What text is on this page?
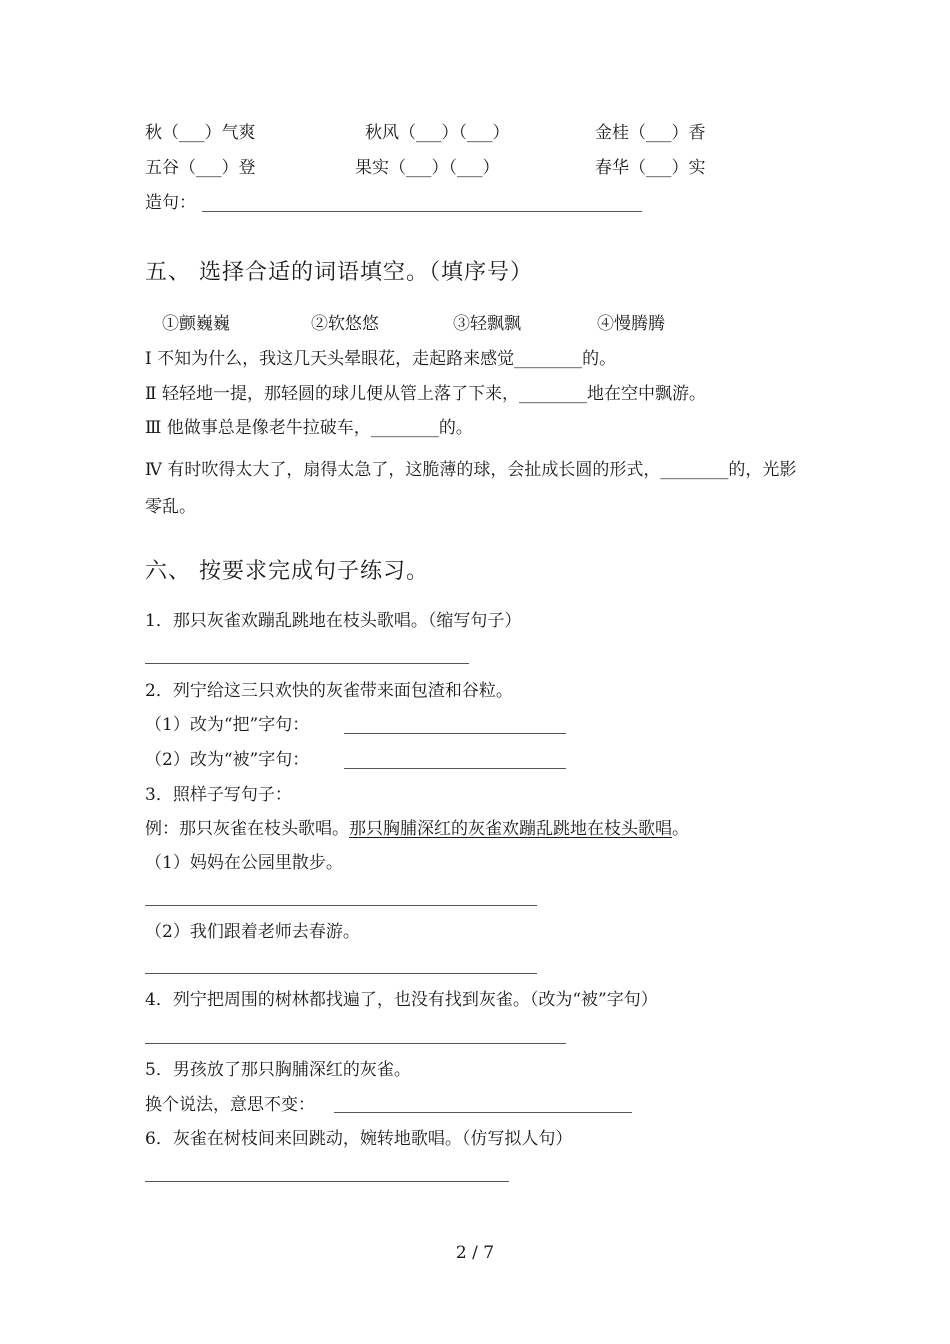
秋（___）气爽	秋风（___）（___）	金桂（___）香
五谷（___）登	果实（___）（___）	春华（___）实
造句：
五、 选择合适的词语填空。（填序号）
①颤巍巍	②软悠悠	③轻飘飘	④慢腾腾
Ⅰ 不知为什么，我这几天头晕眼花，走起路来感觉________的。
Ⅱ 轻轻地一提，那轻圆的球儿便从管上落了下来，________地在空中飘游。
Ⅲ 他做事总是像老牛拉破车，________的。
Ⅳ 有时吹得太大了，扇得太急了，这脆薄的球，会扯成长圆的形式，________的，光影零乱。
六、 按要求完成句子练习。
1．那只灰雀欢蹦乱跳地在枝头歌唱。（缩写句子）
2．列宁给这三只欢快的灰雀带来面包渣和谷粒。
（1）改为“把”字句：
（2）改为“被”字句：
3．照样子写句子：
例：那只灰雀在枝头歌唱。那只胸脯深红的灰雀欢蹦乱跳地在枝头歌唱。
（1）妈妈在公园里散步。
（2）我们跟着老师去春游。
4．列宁把周围的树林都找遍了，也没有找到灰雀。（改为“被”字句）
5．男孩放了那只胸脯深红的灰雀。
换个说法，意思不变：
6．灰雀在树枝间来回跳动，婉转地歌唱。（仿写拟人句）
2 / 7
